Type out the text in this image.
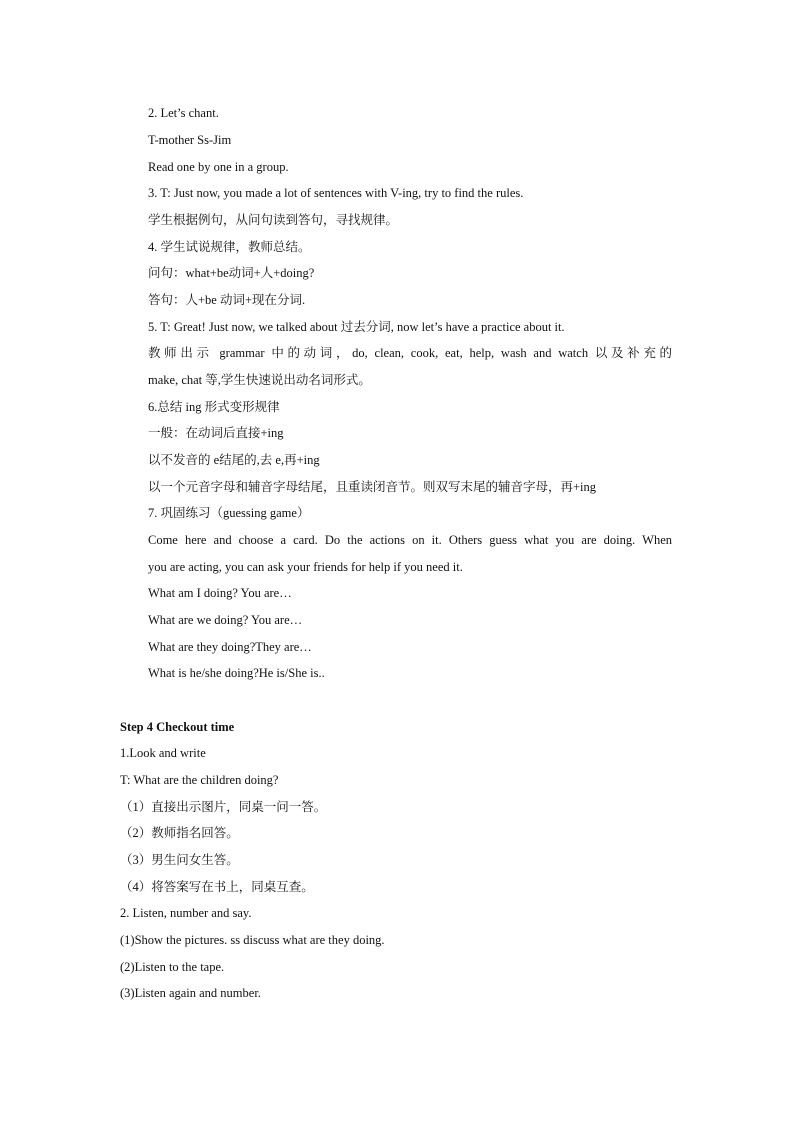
2. Let’s chant.
T-mother Ss-Jim
Read one by one in a group.
3. T: Just now, you made a lot of sentences with V-ing, try to find the rules.
学生根据例句，从问句读到答句，寻找规律。
4. 学生试说规律，教师总结。
问句：what+be动词+人+doing?
答句：人+be 动词+现在分词.
5. T: Great! Just now, we talked about 过去分词, now let’s have a practice about it.
教师出示 grammar 中的动词，do, clean, cook, eat, help, wash and watch 以及补充的
make, chat 等,学生快速说出动名词形式。
6.总结 ing 形式变形规律
一般：在动词后直接+ing
以不发音的 e结尾的,去 e,再+ing
以一个元音字母和辅音字母结尾，且重读闭音节。则双写末尾的辅音字母，再+ing
7. 巩固练习（guessing game）
Come here and choose a card. Do the actions on it. Others guess what you are doing. When
you are acting, you can ask your friends for help if you need it.
What am I doing? You are…
What are we doing? You are…
What are they doing?They are…
What is he/she doing?He is/She is..
Step 4 Checkout time
1.Look and write
T: What are the children doing?
（1）直接出示图片，同桌一问一答。
（2）教师指名回答。
（3）男生问女生答。
（4）将答案写在书上，同桌互查。
2. Listen, number and say.
(1)Show the pictures. ss discuss what are they doing.
(2)Listen to the tape.
(3)Listen again and number.
